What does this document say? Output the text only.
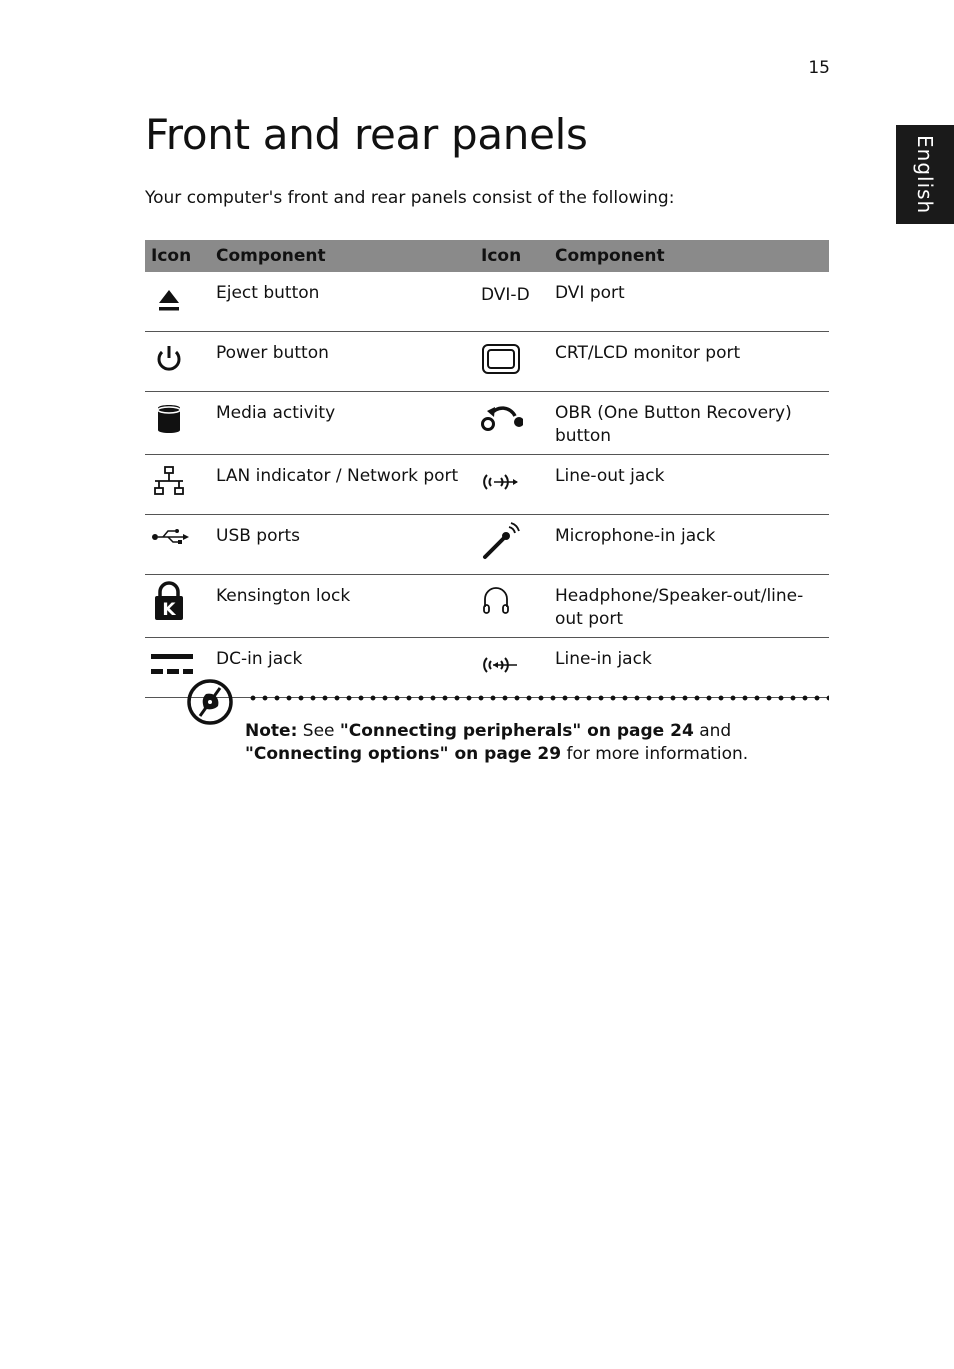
15
English
Front and rear panels
Your computer's front and rear panels consist of the following:
Icon	Component	Icon	Component

	Eject button	DVI-D	DVI port

	Power button		CRT/LCD monitor port

	Media activity		OBR (One Button Recovery) button

	LAN indicator / Network port		Line-out jack

	USB ports		Microphone-in jack

K	Kensington lock		Headphone/Speaker-out/line-out port

	DC-in jack		Line-in jack
Note: See "Connecting peripherals" on page 24 and "Connecting options" on page 29 for more information.
